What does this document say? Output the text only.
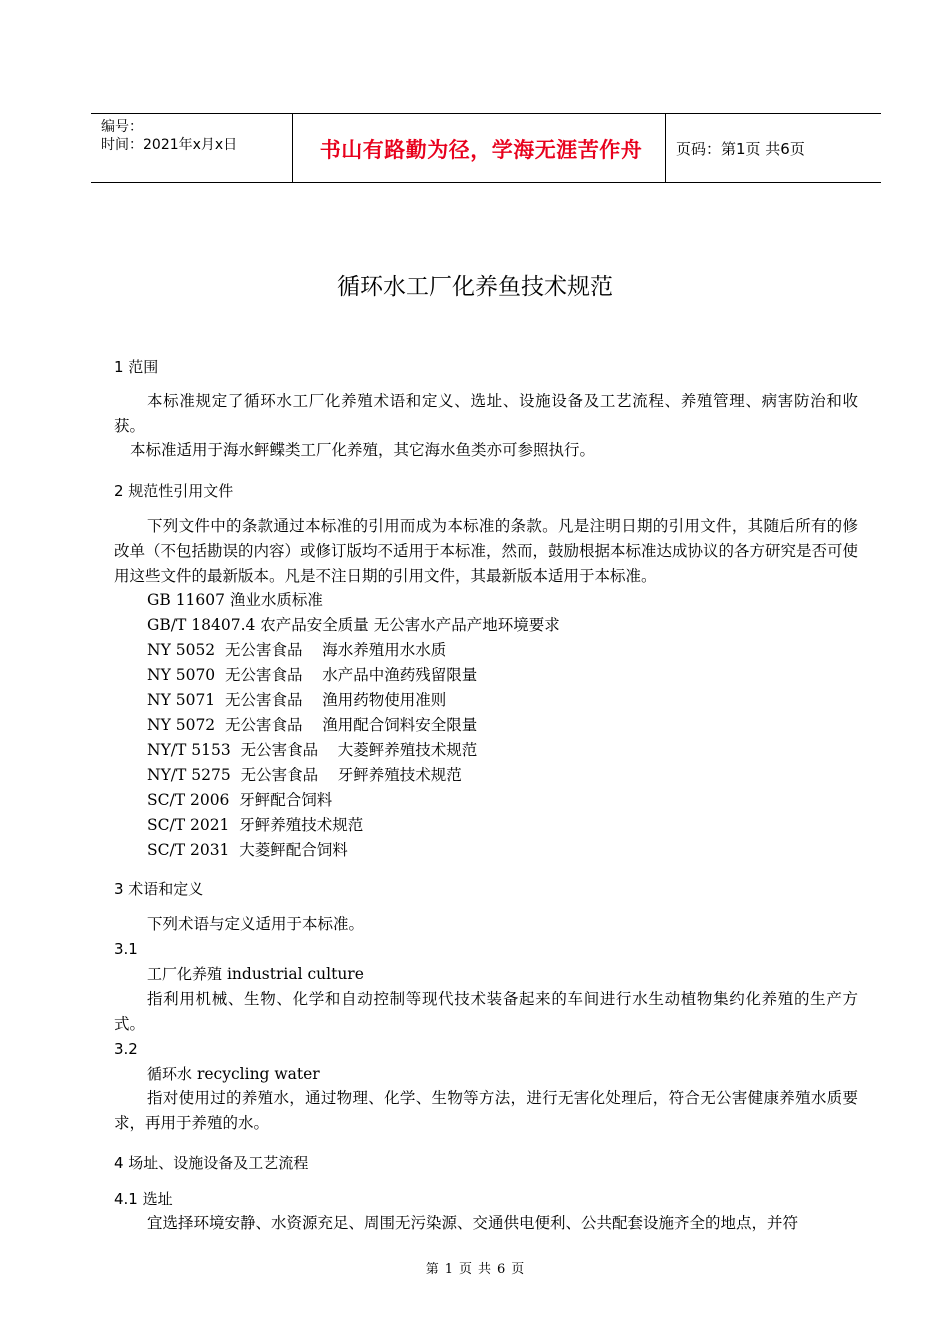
编号：
时间：2021年x月x日	书山有路勤为径，学海无涯苦作舟	页码：第1页 共6页
循环水工厂化养鱼技术规范
1 范围
本标准规定了循环水工厂化养殖术语和定义、选址、设施设备及工艺流程、养殖管理、病害防治和收获。
本标准适用于海水鲆鲽类工厂化养殖，其它海水鱼类亦可参照执行。
2 规范性引用文件
下列文件中的条款通过本标准的引用而成为本标准的条款。凡是注明日期的引用文件，其随后所有的修改单（不包括勘误的内容）或修订版均不适用于本标准，然而，鼓励根据本标准达成协议的各方研究是否可使用这些文件的最新版本。凡是不注日期的引用文件，其最新版本适用于本标准。
GB 11607 渔业水质标准
GB/T 18407.4 农产品安全质量 无公害水产品产地环境要求
NY 5052  无公害食品    海水养殖用水水质
NY 5070  无公害食品    水产品中渔药残留限量
NY 5071  无公害食品    渔用药物使用准则
NY 5072  无公害食品    渔用配合饲料安全限量
NY/T 5153  无公害食品    大菱鲆养殖技术规范
NY/T 5275  无公害食品    牙鲆养殖技术规范
SC/T 2006  牙鲆配合饲料
SC/T 2021  牙鲆养殖技术规范
SC/T 2031  大菱鲆配合饲料
3 术语和定义
下列术语与定义适用于本标准。
3.1
工厂化养殖 industrial culture
指利用机械、生物、化学和自动控制等现代技术装备起来的车间进行水生动植物集约化养殖的生产方式。
3.2
循环水 recycling water
指对使用过的养殖水，通过物理、化学、生物等方法，进行无害化处理后，符合无公害健康养殖水质要求，再用于养殖的水。
4 场址、设施设备及工艺流程
4.1 选址
宜选择环境安静、水资源充足、周围无污染源、交通供电便利、公共配套设施齐全的地点，并符
第 1 页 共 6 页
